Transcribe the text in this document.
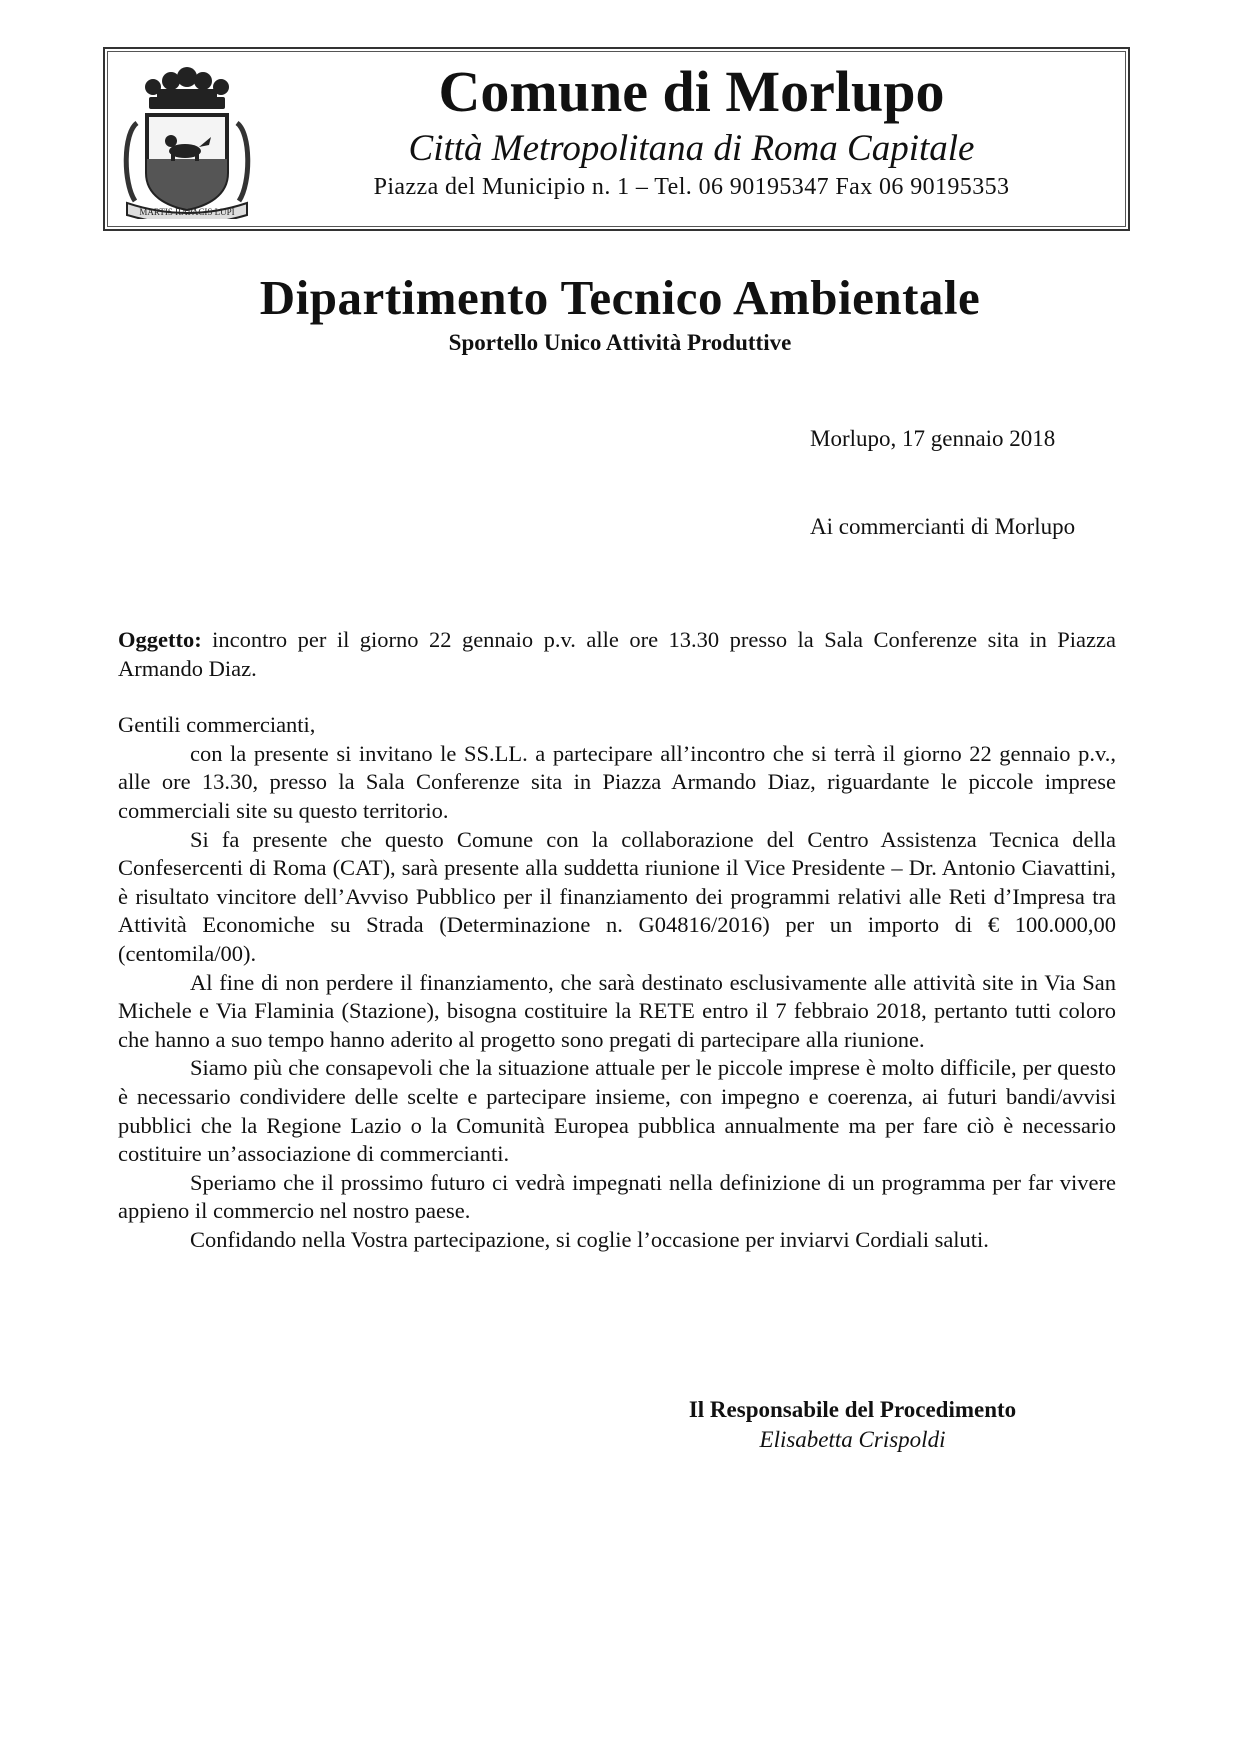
MARTIS RAPACIS LUPI
Comune di Morlupo
Città Metropolitana di Roma Capitale
Piazza del Municipio n. 1 – Tel. 06 90195347 Fax 06 90195353
Dipartimento Tecnico Ambientale
Sportello Unico Attività Produttive
Morlupo, 17 gennaio 2018
Ai commercianti di Morlupo
Oggetto: incontro per il giorno 22 gennaio p.v. alle ore 13.30 presso la Sala Conferenze sita in Piazza Armando Diaz.
Gentili commercianti,

con la presente si invitano le SS.LL. a partecipare all’incontro che si terrà il giorno 22 gennaio p.v., alle ore 13.30, presso la Sala Conferenze sita in Piazza Armando Diaz, riguardante le piccole imprese commerciali site su questo territorio.

Si fa presente che questo Comune con la collaborazione del Centro Assistenza Tecnica della Confesercenti di Roma (CAT), sarà presente alla suddetta riunione il Vice Presidente – Dr. Antonio Ciavattini, è risultato vincitore dell’Avviso Pubblico per il finanziamento dei programmi relativi alle Reti d’Impresa tra Attività Economiche su Strada (Determinazione n. G04816/2016) per un importo di € 100.000,00 (centomila/00).

Al fine di non perdere il finanziamento, che sarà destinato esclusivamente alle attività site in Via San Michele e Via Flaminia (Stazione), bisogna costituire la RETE entro il 7 febbraio 2018, pertanto tutti coloro che hanno a suo tempo hanno aderito al progetto sono pregati di partecipare alla riunione.

Siamo più che consapevoli che la situazione attuale per le piccole imprese è molto difficile, per questo è necessario condividere delle scelte e partecipare insieme, con impegno e coerenza, ai futuri bandi/avvisi pubblici che la Regione Lazio o la Comunità Europea pubblica annualmente ma per fare ciò è necessario costituire un’associazione di commercianti.

Speriamo che il prossimo futuro ci vedrà impegnati nella definizione di un programma per far vivere appieno il commercio nel nostro paese.

Confidando nella Vostra partecipazione, si coglie l’occasione per inviarvi Cordiali saluti.

Il Responsabile del Procedimento
Elisabetta Crispoldi
